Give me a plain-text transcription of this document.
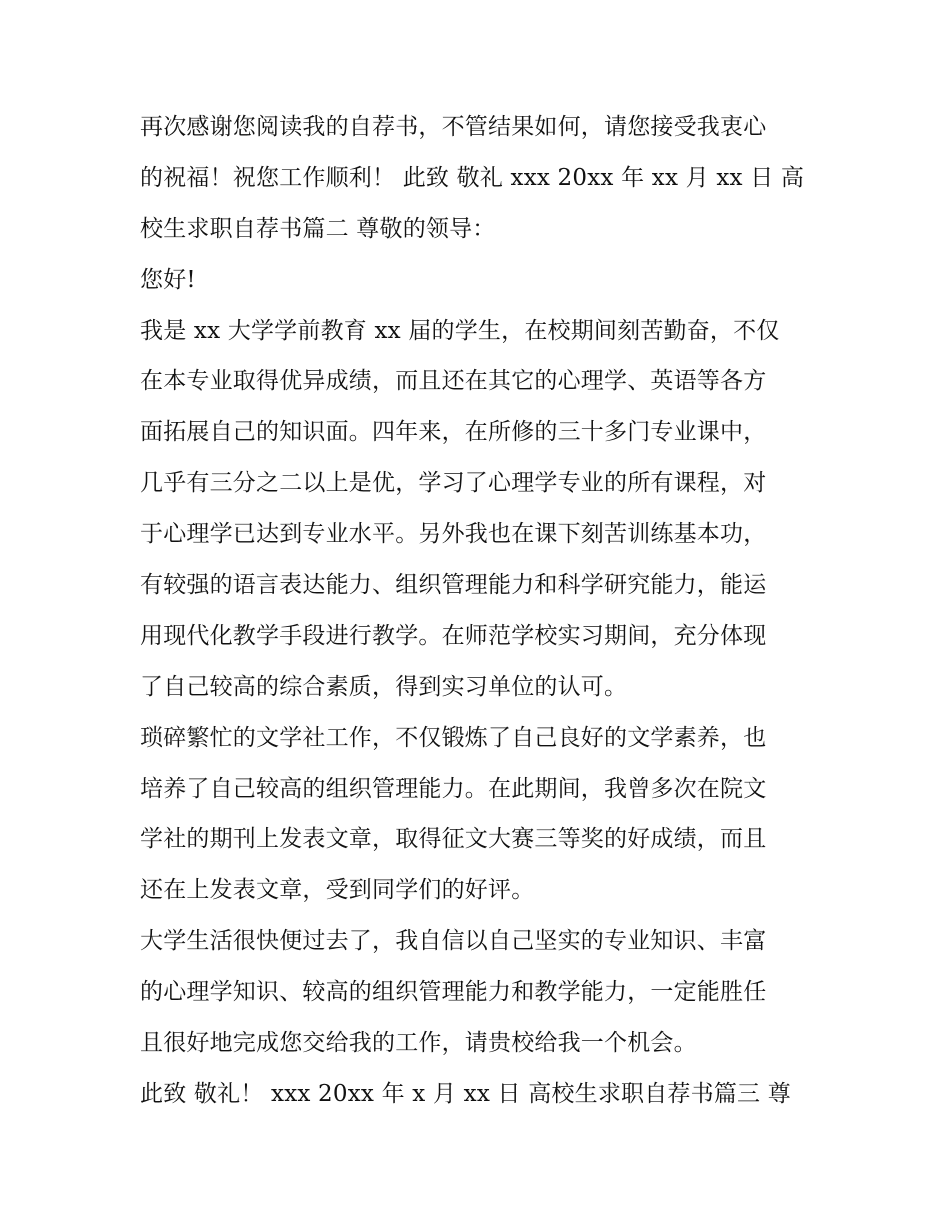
再次感谢您阅读我的自荐书，不管结果如何，请您接受我衷心
的祝福！祝您工作顺利！ 此致 敬礼 xxx 20xx 年 xx 月 xx 日 高
校生求职自荐书篇二 尊敬的领导：
您好!
我是 xx 大学学前教育 xx 届的学生，在校期间刻苦勤奋，不仅
在本专业取得优异成绩，而且还在其它的心理学、英语等各方
面拓展自己的知识面。四年来，在所修的三十多门专业课中，
几乎有三分之二以上是优，学习了心理学专业的所有课程，对
于心理学已达到专业水平。另外我也在课下刻苦训练基本功，
有较强的语言表达能力、组织管理能力和科学研究能力，能运
用现代化教学手段进行教学。在师范学校实习期间，充分体现
了自己较高的综合素质，得到实习单位的认可。
琐碎繁忙的文学社工作，不仅锻炼了自己良好的文学素养，也
培养了自己较高的组织管理能力。在此期间，我曾多次在院文
学社的期刊上发表文章，取得征文大赛三等奖的好成绩，而且
还在上发表文章，受到同学们的好评。
大学生活很快便过去了，我自信以自己坚实的专业知识、丰富
的心理学知识、较高的组织管理能力和教学能力，一定能胜任
且很好地完成您交给我的工作，请贵校给我一个机会。
此致 敬礼！ xxx 20xx 年 x 月 xx 日 高校生求职自荐书篇三 尊
